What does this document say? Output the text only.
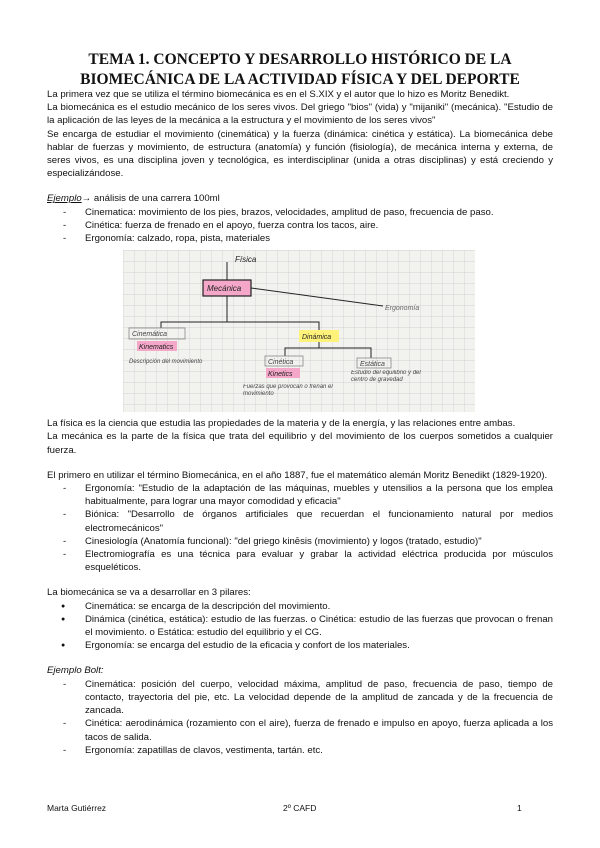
TEMA 1. CONCEPTO Y DESARROLLO HISTÓRICO DE LA BIOMECÁNICA DE LA ACTIVIDAD FÍSICA Y DEL DEPORTE

La primera vez que se utiliza el término biomecánica es en el S.XIX y el autor que lo hizo es Moritz Benedikt.

La biomecánica es el estudio mecánico de los seres vivos. Del griego "bios" (vida) y "mijaniki" (mecánica). "Estudio de la aplicación de las leyes de la mecánica a la estructura y el movimiento de los seres vivos"

Se encarga de estudiar el movimiento (cinemática) y la fuerza (dinámica: cinética y estática). La biomecánica debe hablar de fuerzas y movimiento, de estructura (anatomía) y función (fisiología), de mecánica interna y externa, de seres vivos, es una disciplina joven y tecnológica, es interdisciplinar (unida a otras disciplinas) y está creciendo y especializándose.

Ejemplo→ análisis de una carrera 100ml

- Cinematica: movimiento de los pies, brazos, velocidades, amplitud de paso, frecuencia de paso.
- Cinética: fuerza de frenado en el apoyo, fuerza contra los tacos, aire.
- Ergonomía: calzado, ropa, pista, materiales
Física
Mecánica
Ergonomía
Cinemática
Kinematics
Descripción del movimiento
Dinámica
Cinética
Kinetics
Fuerzas que provocan o frenan el movimiento
Estática
Estudio del equilibrio y del centro de gravedad

La física es la ciencia que estudia las propiedades de la materia y de la energía, y las relaciones entre ambas.

La mecánica es la parte de la física que trata del equilibrio y del movimiento de los cuerpos sometidos a cualquier fuerza.

El primero en utilizar el término Biomecánica, en el año 1887, fue el matemático alemán Moritz Benedikt (1829-1920).

- Ergonomía: "Estudio de la adaptación de las máquinas, muebles y utensilios a la persona que los emplea habitualmente, para lograr una mayor comodidad y eficacia"
- Biónica: "Desarrollo de órganos artificiales que recuerdan el funcionamiento natural por medios electromecánicos"
- Cinesiología (Anatomía funcional): "del griego kinēsis (movimiento) y logos (tratado, estudio)"
- Electromiografía es una técnica para evaluar y grabar la actividad eléctrica producida por músculos esqueléticos.

La biomecánica se va a desarrollar en 3 pilares:

● Cinemática: se encarga de la descripción del movimiento.
● Dinámica (cinética, estática): estudio de las fuerzas. o Cinética: estudio de las fuerzas que provocan o frenan el movimiento. o Estática: estudio del equilibrio y el CG.
● Ergonomía: se encarga del estudio de la eficacia y confort de los materiales.

Ejemplo Bolt:

- Cinemática: posición del cuerpo, velocidad máxima, amplitud de paso, frecuencia de paso, tiempo de contacto, trayectoria del pie, etc. La velocidad depende de la amplitud de zancada y de la frecuencia de zancada.
- Cinética: aerodinámica (rozamiento con el aire), fuerza de frenado e impulso en apoyo, fuerza aplicada a los tacos de salida.
- Ergonomía: zapatillas de clavos, vestimenta, tartán. etc.
Marta Gutiérrez	2º CAFD	1
